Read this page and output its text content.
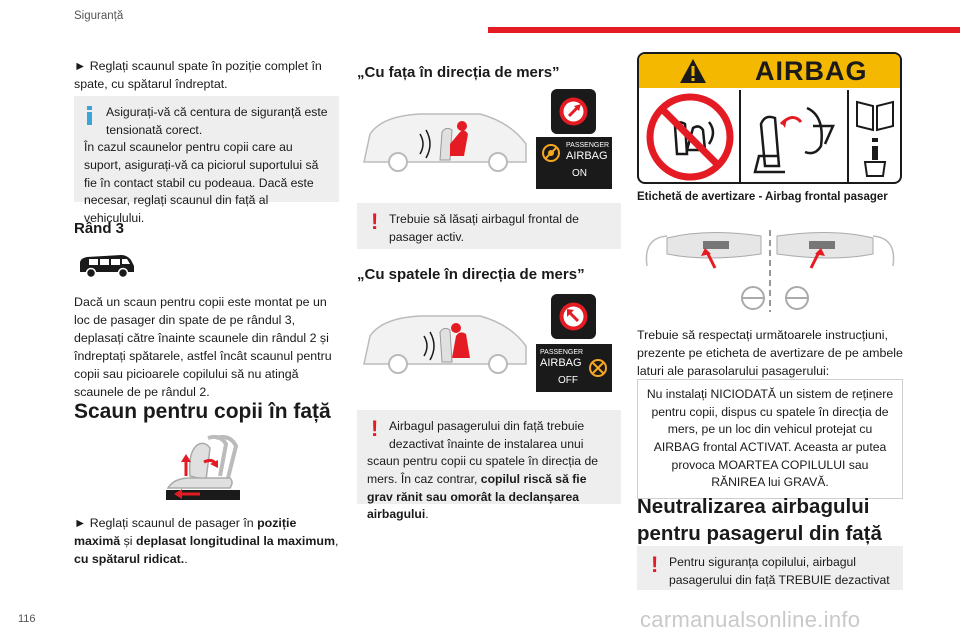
Siguranță
► Reglați scaunul spate în poziție complet în spate, cu spătarul îndreptat.
Asigurați-vă că centura de siguranță este tensionată corect.
În cazul scaunelor pentru copii care au suport, asigurați-vă ca piciorul suportului să fie în contact stabil cu podeaua. Dacă este necesar, reglați scaunul din față al vehiculului.
Rând 3
Dacă un scaun pentru copii este montat pe un loc de pasager din spate de pe rândul 3, deplasați către înainte scaunele din rândul 2 și îndreptați spătarele, astfel încât scaunul pentru copii sau picioarele copilului să nu atingă scaunele de pe rândul 2.
Scaun pentru copii în față
► Reglați scaunul de pasager în poziție maximă și deplasat longitudinal la maximum, cu spătarul ridicat..
„Cu fața în direcția de mers”
PASSENGER
AIRBAG
ON
! Trebuie să lăsați airbagul frontal de pasager activ.
„Cu spatele în direcția de mers”
PASSENGER
AIRBAG
OFF
! Airbagul pasagerului din față trebuie dezactivat înainte de instalarea unui
scaun pentru copii cu spatele în direcția de mers. În caz contrar, copilul riscă să fie grav rănit sau omorât la declanșarea airbagului.
AIRBAG
Etichetă de avertizare - Airbag frontal pasager
Trebuie să respectați următoarele instrucțiuni, prezente pe eticheta de avertizare de pe ambele laturi ale parasolarului pasagerului:
Nu instalați NICIODATĂ un sistem de reținere pentru copii, dispus cu spatele în direcția de mers, pe un loc din vehicul protejat cu AIRBAG frontal ACTIVAT. Aceasta ar putea provoca MOARTEA COPILULUI sau RĂNIREA lui GRAVĂ.
Neutralizarea airbagului pentru pasagerul din față
! Pentru siguranța copilului, airbagul pasagerului din față TREBUIE dezactivat
116	carmanualsonline.info
